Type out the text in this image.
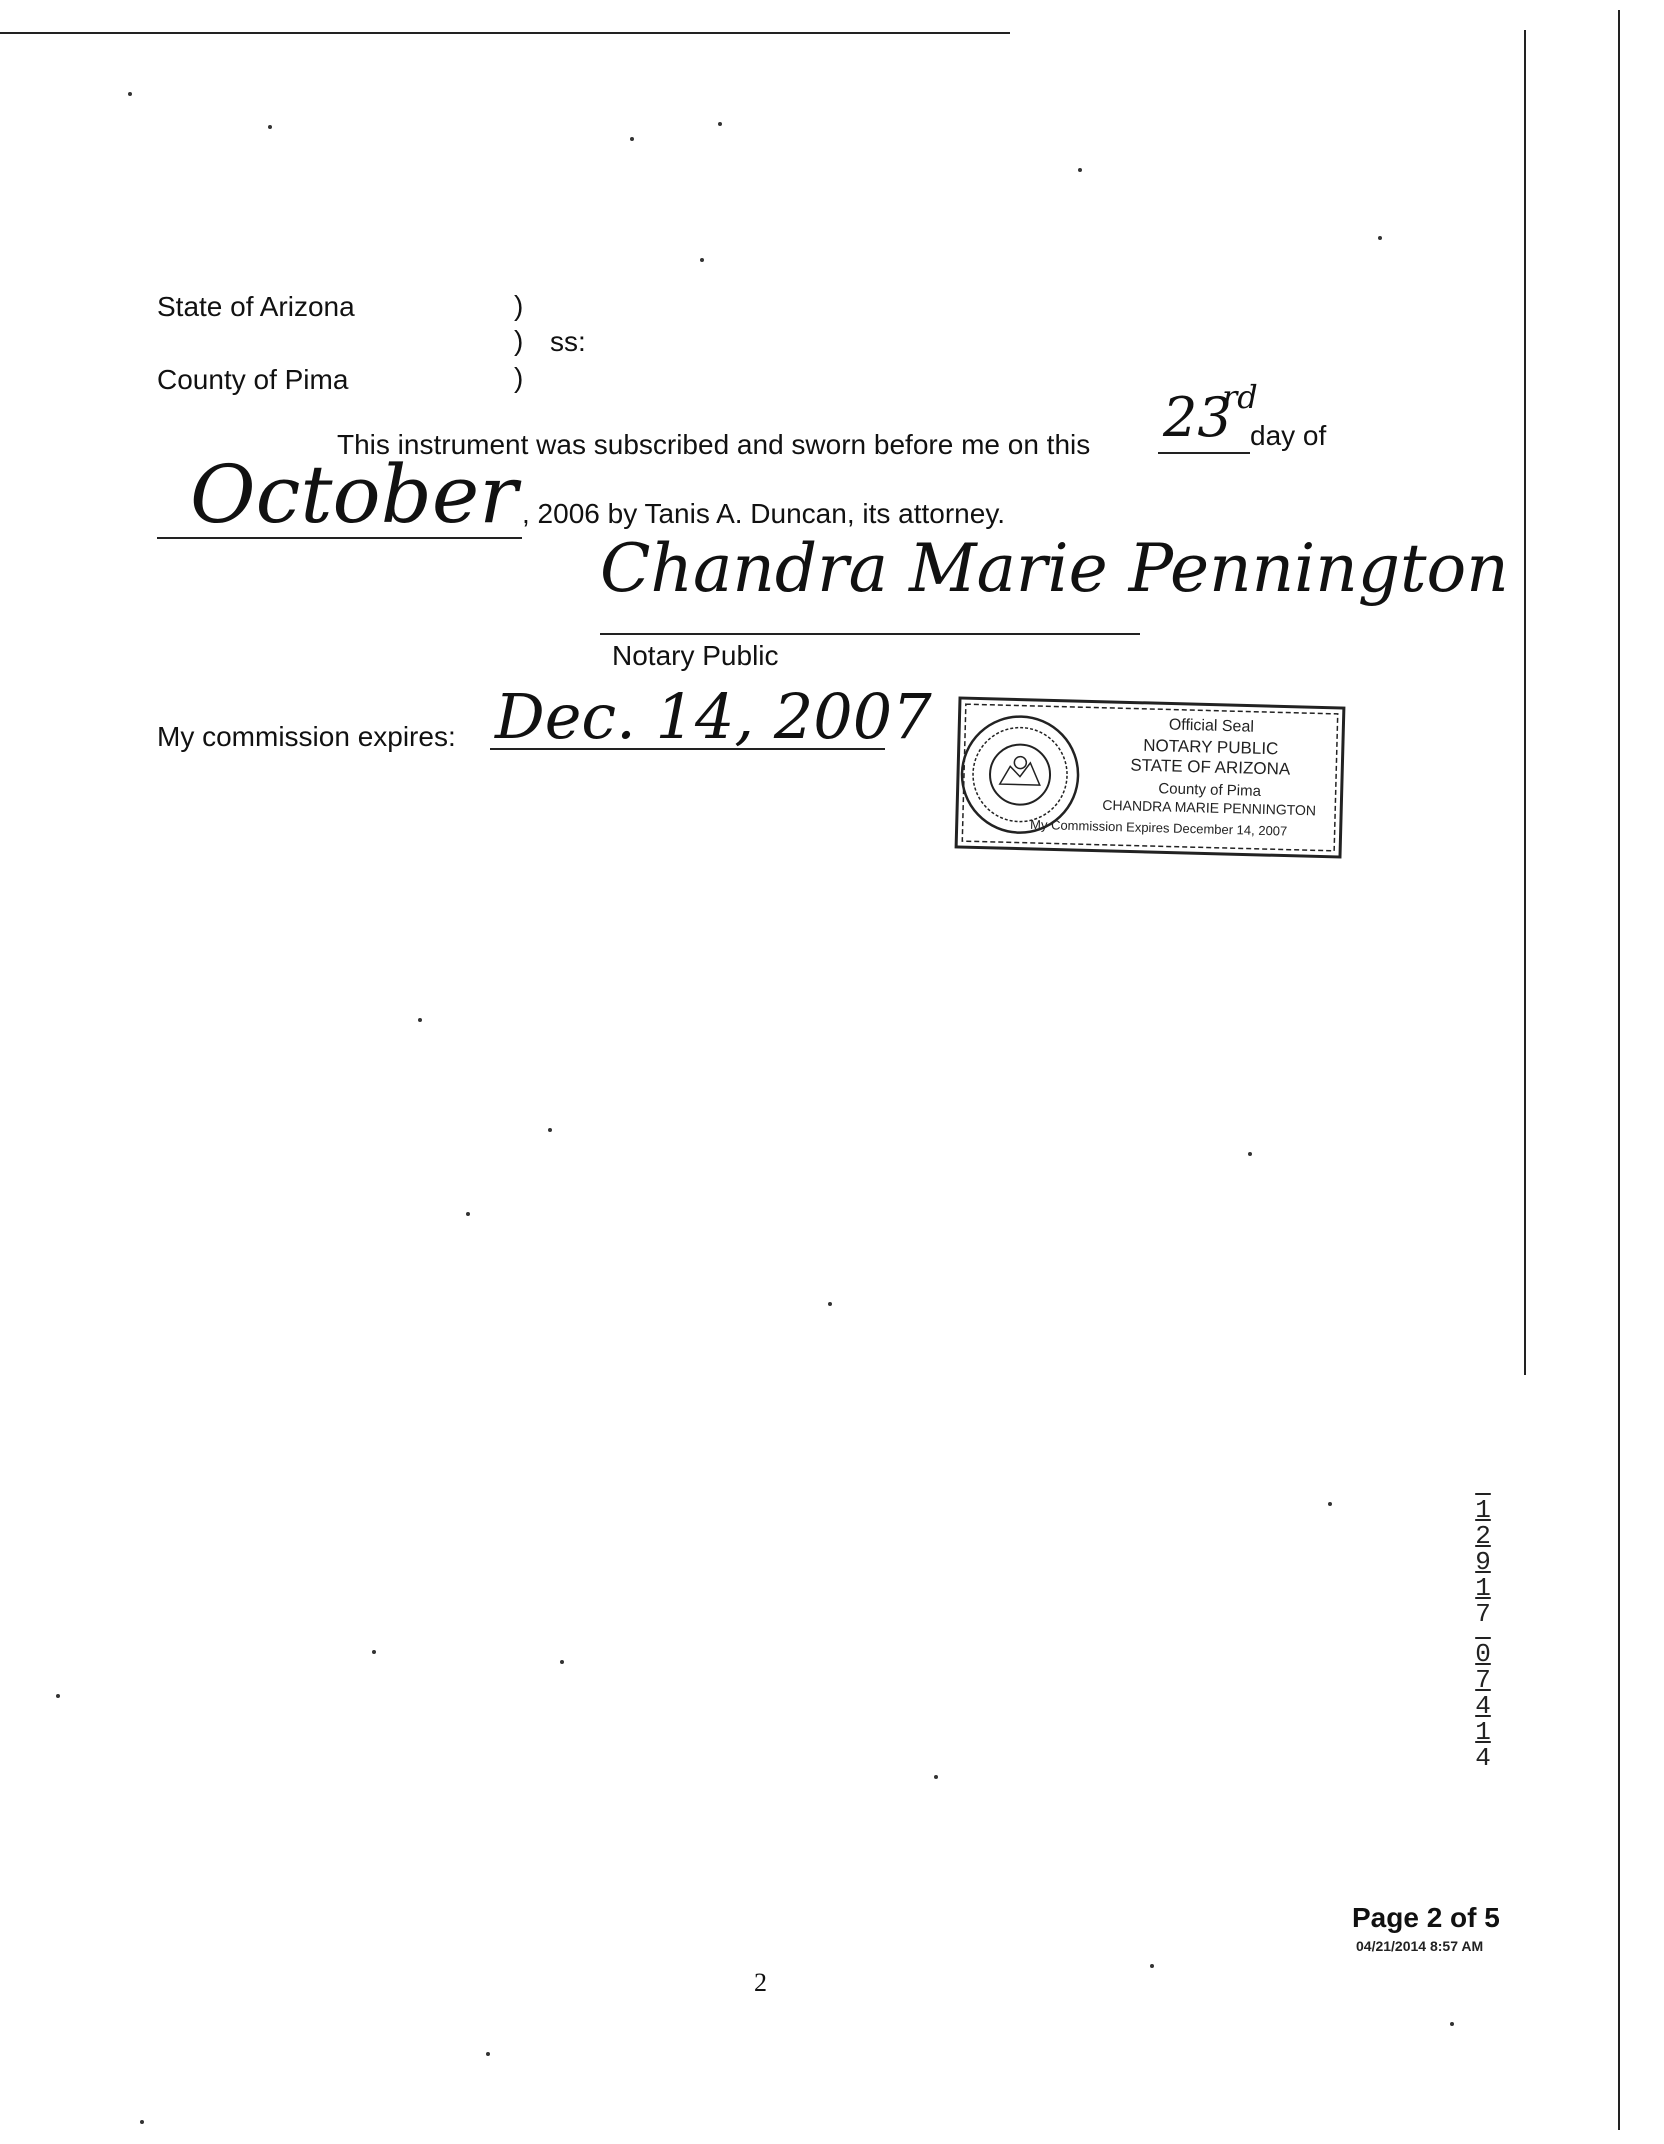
State of Arizona
County of Pima
)
)
)
ss:
This instrument was subscribed and sworn before me on this 23
rd
day of
October , 2006 by Tanis A. Duncan, its attorney.
Chandra Marie Pennington
Notary Public
My commission expires: Dec. 14, 2007	Official Seal
NOTARY PUBLIC
STATE OF ARIZONA
County of Pima
CHANDRA MARIE PENNINGTON
My Commission Expires December 14, 2007
1
2
9
1
7
0
7
4
1
4
Page 2 of 5
04/21/2014 8:57 AM
2
